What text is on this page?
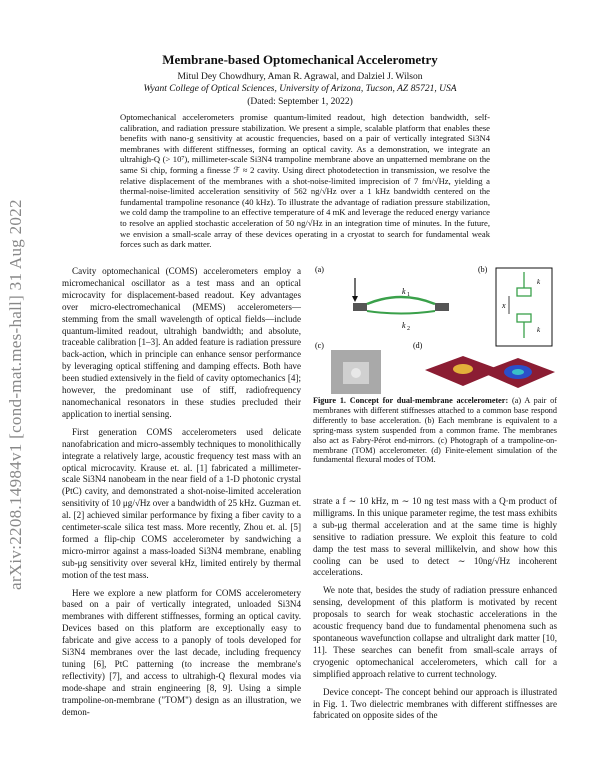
arXiv:2208.14984v1 [cond-mat.mes-hall] 31 Aug 2022
Membrane-based Optomechanical Accelerometry
Mitul Dey Chowdhury, Aman R. Agrawal, and Dalziel J. Wilson
Wyant College of Optical Sciences, University of Arizona, Tucson, AZ 85721, USA
(Dated: September 1, 2022)
Optomechanical accelerometers promise quantum-limited readout, high detection bandwidth, self-calibration, and radiation pressure stabilization. We present a simple, scalable platform that enables these benefits with nano-g sensitivity at acoustic frequencies, based on a pair of vertically integrated Si3N4 membranes with different stiffnesses, forming an optical cavity. As a demonstration, we integrate an ultrahigh-Q (> 10⁷), millimeter-scale Si3N4 trampoline membrane above an unpatterned membrane on the same Si chip, forming a finesse ℱ ≈ 2 cavity. Using direct photodetection in transmission, we resolve the relative displacement of the membranes with a shot-noise-limited imprecision of 7 fm/√Hz, yielding a thermal-noise-limited acceleration sensitivity of 562 ng/√Hz over a 1 kHz bandwidth centered on the fundamental trampoline resonance (40 kHz). To illustrate the advantage of radiation pressure stabilization, we cold damp the trampoline to an effective temperature of 4 mK and leverage the reduced energy variance to resolve an applied stochastic acceleration of 50 ng/√Hz in an integration time of minutes. In the future, we envision a small-scale array of these devices operating in a cryostat to search for fundamental weak forces such as dark matter.

Cavity optomechanical (COMS) accelerometers employ a micromechanical oscillator as a test mass and an optical microcavity for displacement-based readout. Key advantages over micro-electromechanical (MEMS) accelerometers—stemming from the small wavelength of optical fields—include quantum-limited readout, ultrahigh bandwidth; and absolute, traceable calibration [1–3]. An added feature is radiation pressure back-action, which in principle can enhance sensor performance by leveraging optical stiffening and damping effects. Both have been studied extensively in the field of cavity optomechanics [4]; however, the predominant use of stiff, radiofrequency nanomechanical resonators in these studies precluded their application to inertial sensing.

First generation COMS accelerometers used delicate nanofabrication and micro-assembly techniques to monolithically integrate a relatively large, acoustic frequency test mass with an optical microcavity. Krause et. al. [1] fabricated a millimeter-scale Si3N4 nanobeam in the near field of a 1-D photonic crystal (PtC) cavity, and demonstrated a shot-noise-limited acceleration sensitivity of 10 μg/√Hz over a bandwidth of 25 kHz. Guzman et. al. [2] achieved similar performance by fixing a fiber cavity to a centimeter-scale silica test mass. More recently, Zhou et. al. [5] formed a flip-chip COMS accelerometer by sandwiching a micro-mirror against a mass-loaded Si3N4 membrane, enabling sub-μg sensitivity over several kHz, limited entirely by thermal motion of the test mass.

Here we explore a new platform for COMS accelerometery based on a pair of vertically integrated, unloaded Si3N4 membranes with different stiffnesses, forming an optical cavity. Devices based on this platform are exceptionally easy to fabricate and give access to a panoply of tools developed for Si3N4 membranes over the last decade, including frequency tuning [6], PtC patterning (to increase the membrane's reflectivity) [7], and access to ultrahigh-Q flexural modes via mode-shape and strain engineering [8, 9]. Using a simple trampoline-on-membrane ("TOM") design as an illustration, we demon-

(a)
k 1
k 2
(b)
x
k
k
(c)	(d)
Figure 1. Concept for dual-membrane accelerometer: (a) A pair of membranes with different stiffnesses attached to a common base respond differently to base acceleration. (b) Each membrane is equivalent to a spring-mass system suspended from a common frame. The membranes also act as Fabry-Pérot end-mirrors. (c) Photograph of a trampoline-on-membrane (TOM) accelerometer. (d) Finite-element simulation of the fundamental flexural modes of TOM.

strate a f ∼ 10 kHz, m ∼ 10 ng test mass with a Q·m product of milligrams. In this unique parameter regime, the test mass exhibits a sub-μg thermal acceleration and at the same time is highly sensitive to radiation pressure. We exploit this feature to cold damp the test mass to several millikelvin, and show how this cooling can be used to detect ∼ 10ng/√Hz incoherent accelerations.

We note that, besides the study of radiation pressure enhanced sensing, development of this platform is motivated by recent proposals to search for weak stochastic accelerations in the acoustic frequency band due to fundamental phenomena such as spontaneous wavefunction collapse and ultralight dark matter [10, 11]. These searches can benefit from small-scale arrays of cryogenic optomechanical accelerometers, which call for a simplified approach relative to current technology.

Device concept- The concept behind our approach is illustrated in Fig. 1. Two dielectric membranes with different stiffnesses are fabricated on opposite sides of the
